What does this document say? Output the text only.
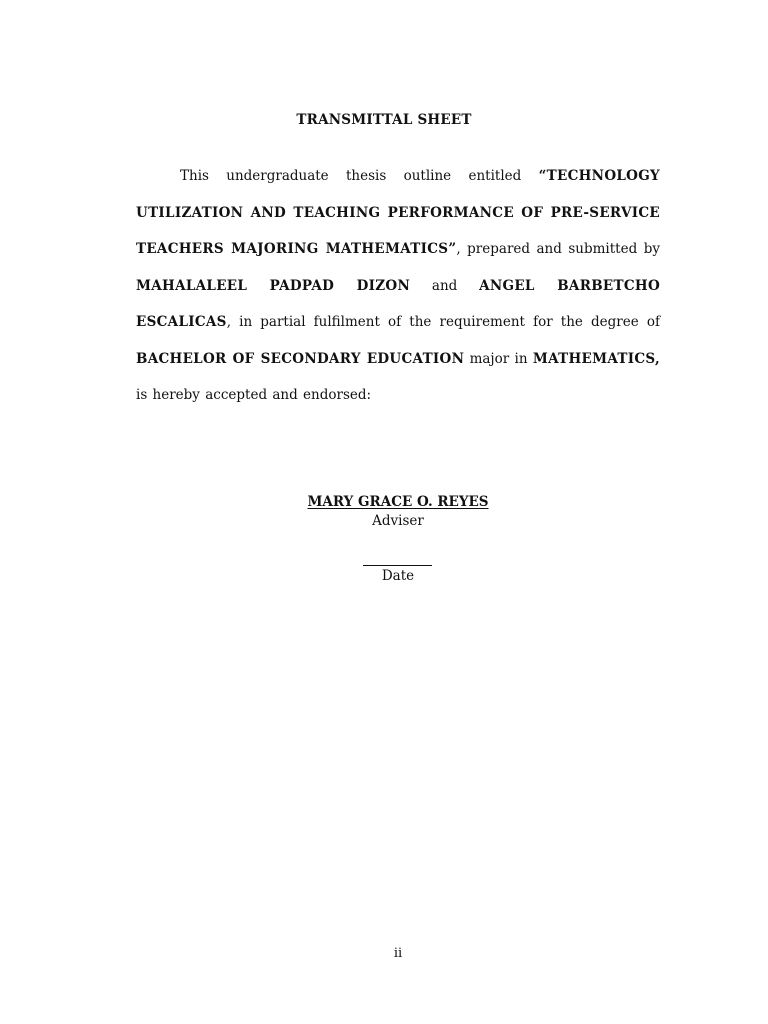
TRANSMITTAL SHEET
This undergraduate thesis outline entitled “TECHNOLOGY UTILIZATION AND TEACHING PERFORMANCE OF PRE-SERVICE TEACHERS MAJORING MATHEMATICS”, prepared and submitted by MAHALALEEL PADPAD DIZON and ANGEL BARBETCHO ESCALICAS, in partial fulfilment of the requirement for the degree of BACHELOR OF SECONDARY EDUCATION major in MATHEMATICS, is hereby accepted and endorsed:
MARY GRACE O. REYES
Adviser
Date
ii
